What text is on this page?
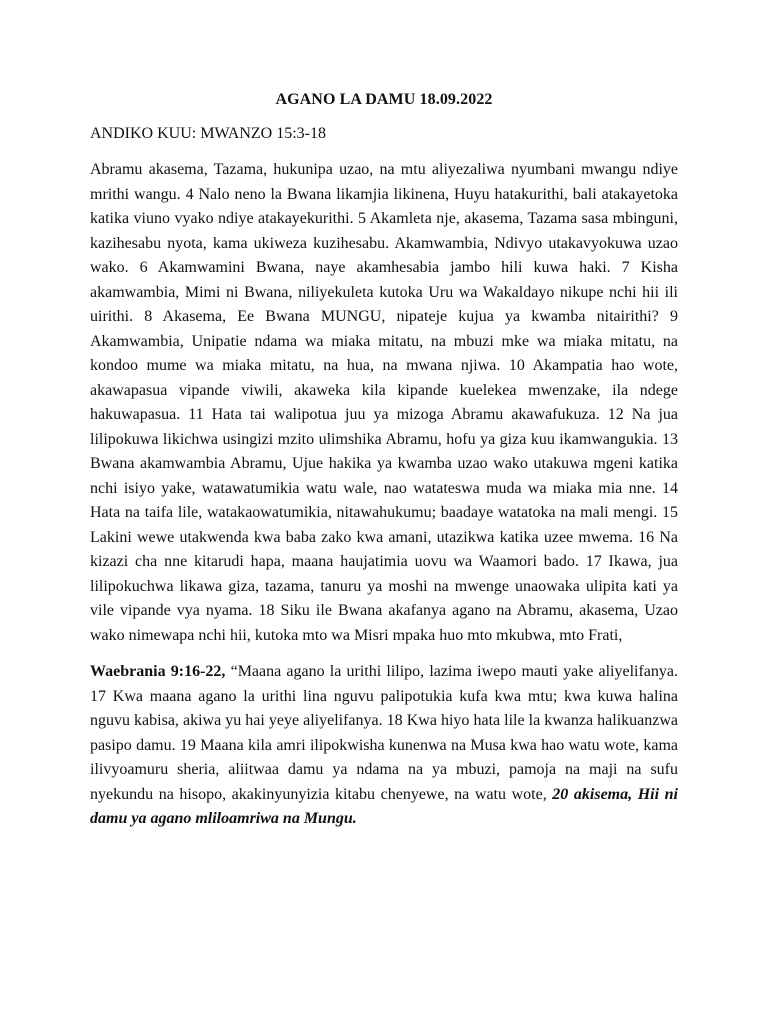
AGANO LA DAMU 18.09.2022
ANDIKO KUU: MWANZO 15:3-18

Abramu akasema, Tazama, hukunipa uzao, na mtu aliyezaliwa nyumbani mwangu ndiye mrithi wangu. 4 Nalo neno la Bwana likamjia likinena, Huyu hatakurithi, bali atakayetoka katika viuno vyako ndiye atakayekurithi. 5 Akamleta nje, akasema, Tazama sasa mbinguni, kazihesabu nyota, kama ukiweza kuzihesabu. Akamwambia, Ndivyo utakavyokuwa uzao wako. 6 Akamwamini Bwana, naye akamhesabia jambo hili kuwa haki. 7 Kisha akamwambia, Mimi ni Bwana, niliyekuleta kutoka Uru wa Wakaldayo nikupe nchi hii ili uirithi. 8 Akasema, Ee Bwana MUNGU, nipateje kujua ya kwamba nitairithi? 9 Akamwambia, Unipatie ndama wa miaka mitatu, na mbuzi mke wa miaka mitatu, na kondoo mume wa miaka mitatu, na hua, na mwana njiwa. 10 Akampatia hao wote, akawapasua vipande viwili, akaweka kila kipande kuelekea mwenzake, ila ndege hakuwapasua. 11 Hata tai walipotua juu ya mizoga Abramu akawafukuza. 12 Na jua lilipokuwa likichwa usingizi mzito ulimshika Abramu, hofu ya giza kuu ikamwangukia. 13 Bwana akamwambia Abramu, Ujue hakika ya kwamba uzao wako utakuwa mgeni katika nchi isiyo yake, watawatumikia watu wale, nao watateswa muda wa miaka mia nne. 14 Hata na taifa lile, watakaowatumikia, nitawahukumu; baadaye watatoka na mali mengi. 15 Lakini wewe utakwenda kwa baba zako kwa amani, utazikwa katika uzee mwema. 16 Na kizazi cha nne kitarudi hapa, maana haujatimia uovu wa Waamori bado. 17 Ikawa, jua lilipokuchwa likawa giza, tazama, tanuru ya moshi na mwenge unaowaka ulipita kati ya vile vipande vya nyama. 18 Siku ile Bwana akafanya agano na Abramu, akasema, Uzao wako nimewapa nchi hii, kutoka mto wa Misri mpaka huo mto mkubwa, mto Frati,

Waebrania 9:16-22, “Maana agano la urithi lilipo, lazima iwepo mauti yake aliyelifanya. 17 Kwa maana agano la urithi lina nguvu palipotukia kufa kwa mtu; kwa kuwa halina nguvu kabisa, akiwa yu hai yeye aliyelifanya. 18 Kwa hiyo hata lile la kwanza halikuanzwa pasipo damu. 19 Maana kila amri ilipokwisha kunenwa na Musa kwa hao watu wote, kama ilivyoamuru sheria, aliitwaa damu ya ndama na ya mbuzi, pamoja na maji na sufu nyekundu na hisopo, akakinyunyizia kitabu chenyewe, na watu wote, 20 akisema, Hii ni damu ya agano mliloamriwa na Mungu.
